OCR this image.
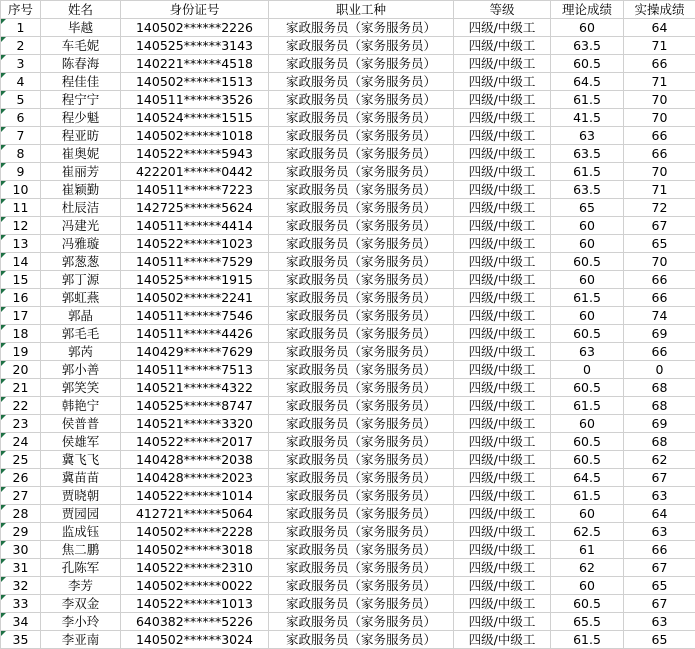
序号	姓名	身份证号	职业工种	等级	理论成绩	实操成绩

1	毕越	140502******2226	家政服务员（家务服务员）	四级/中级工	60	64

2	车毛妮	140525******3143	家政服务员（家务服务员）	四级/中级工	63.5	71

3	陈春海	140221******4518	家政服务员（家务服务员）	四级/中级工	60.5	66

4	程佳佳	140502******1513	家政服务员（家务服务员）	四级/中级工	64.5	71

5	程宁宁	140511******3526	家政服务员（家务服务员）	四级/中级工	61.5	70

6	程少魁	140524******1515	家政服务员（家务服务员）	四级/中级工	41.5	70

7	程亚昉	140502******1018	家政服务员（家务服务员）	四级/中级工	63	66

8	崔奥妮	140522******5943	家政服务员（家务服务员）	四级/中级工	63.5	66

9	崔丽芳	422201******0442	家政服务员（家务服务员）	四级/中级工	61.5	70

10	崔颖勤	140511******7223	家政服务员（家务服务员）	四级/中级工	63.5	71

11	杜辰洁	142725******5624	家政服务员（家务服务员）	四级/中级工	65	72

12	冯建光	140511******4414	家政服务员（家务服务员）	四级/中级工	60	67

13	冯雅璇	140522******1023	家政服务员（家务服务员）	四级/中级工	60	65

14	郭葱葱	140511******7529	家政服务员（家务服务员）	四级/中级工	60.5	70

15	郭丁源	140525******1915	家政服务员（家务服务员）	四级/中级工	60	66

16	郭虹燕	140502******2241	家政服务员（家务服务员）	四级/中级工	61.5	66

17	郭晶	140511******7546	家政服务员（家务服务员）	四级/中级工	60	74

18	郭毛毛	140511******4426	家政服务员（家务服务员）	四级/中级工	60.5	69

19	郭芮	140429******7629	家政服务员（家务服务员）	四级/中级工	63	66

20	郭小善	140511******7513	家政服务员（家务服务员）	四级/中级工	0	0

21	郭笑笑	140521******4322	家政服务员（家务服务员）	四级/中级工	60.5	68

22	韩艳宁	140525******8747	家政服务员（家务服务员）	四级/中级工	61.5	68

23	侯普普	140521******3320	家政服务员（家务服务员）	四级/中级工	60	69

24	侯雄军	140522******2017	家政服务员（家务服务员）	四级/中级工	60.5	68

25	冀飞飞	140428******2038	家政服务员（家务服务员）	四级/中级工	60.5	62

26	冀苗苗	140428******2023	家政服务员（家务服务员）	四级/中级工	64.5	67

27	贾晓朝	140522******1014	家政服务员（家务服务员）	四级/中级工	61.5	63

28	贾园园	412721******5064	家政服务员（家务服务员）	四级/中级工	60	64

29	监成钰	140502******2228	家政服务员（家务服务员）	四级/中级工	62.5	63

30	焦二鹏	140502******3018	家政服务员（家务服务员）	四级/中级工	61	66

31	孔陈军	140522******2310	家政服务员（家务服务员）	四级/中级工	62	67

32	李芳	140502******0022	家政服务员（家务服务员）	四级/中级工	60	65

33	李双金	140522******1013	家政服务员（家务服务员）	四级/中级工	60.5	67

34	李小玲	640382******5226	家政服务员（家务服务员）	四级/中级工	65.5	63

35	李亚南	140502******3024	家政服务员（家务服务员）	四级/中级工	61.5	65
